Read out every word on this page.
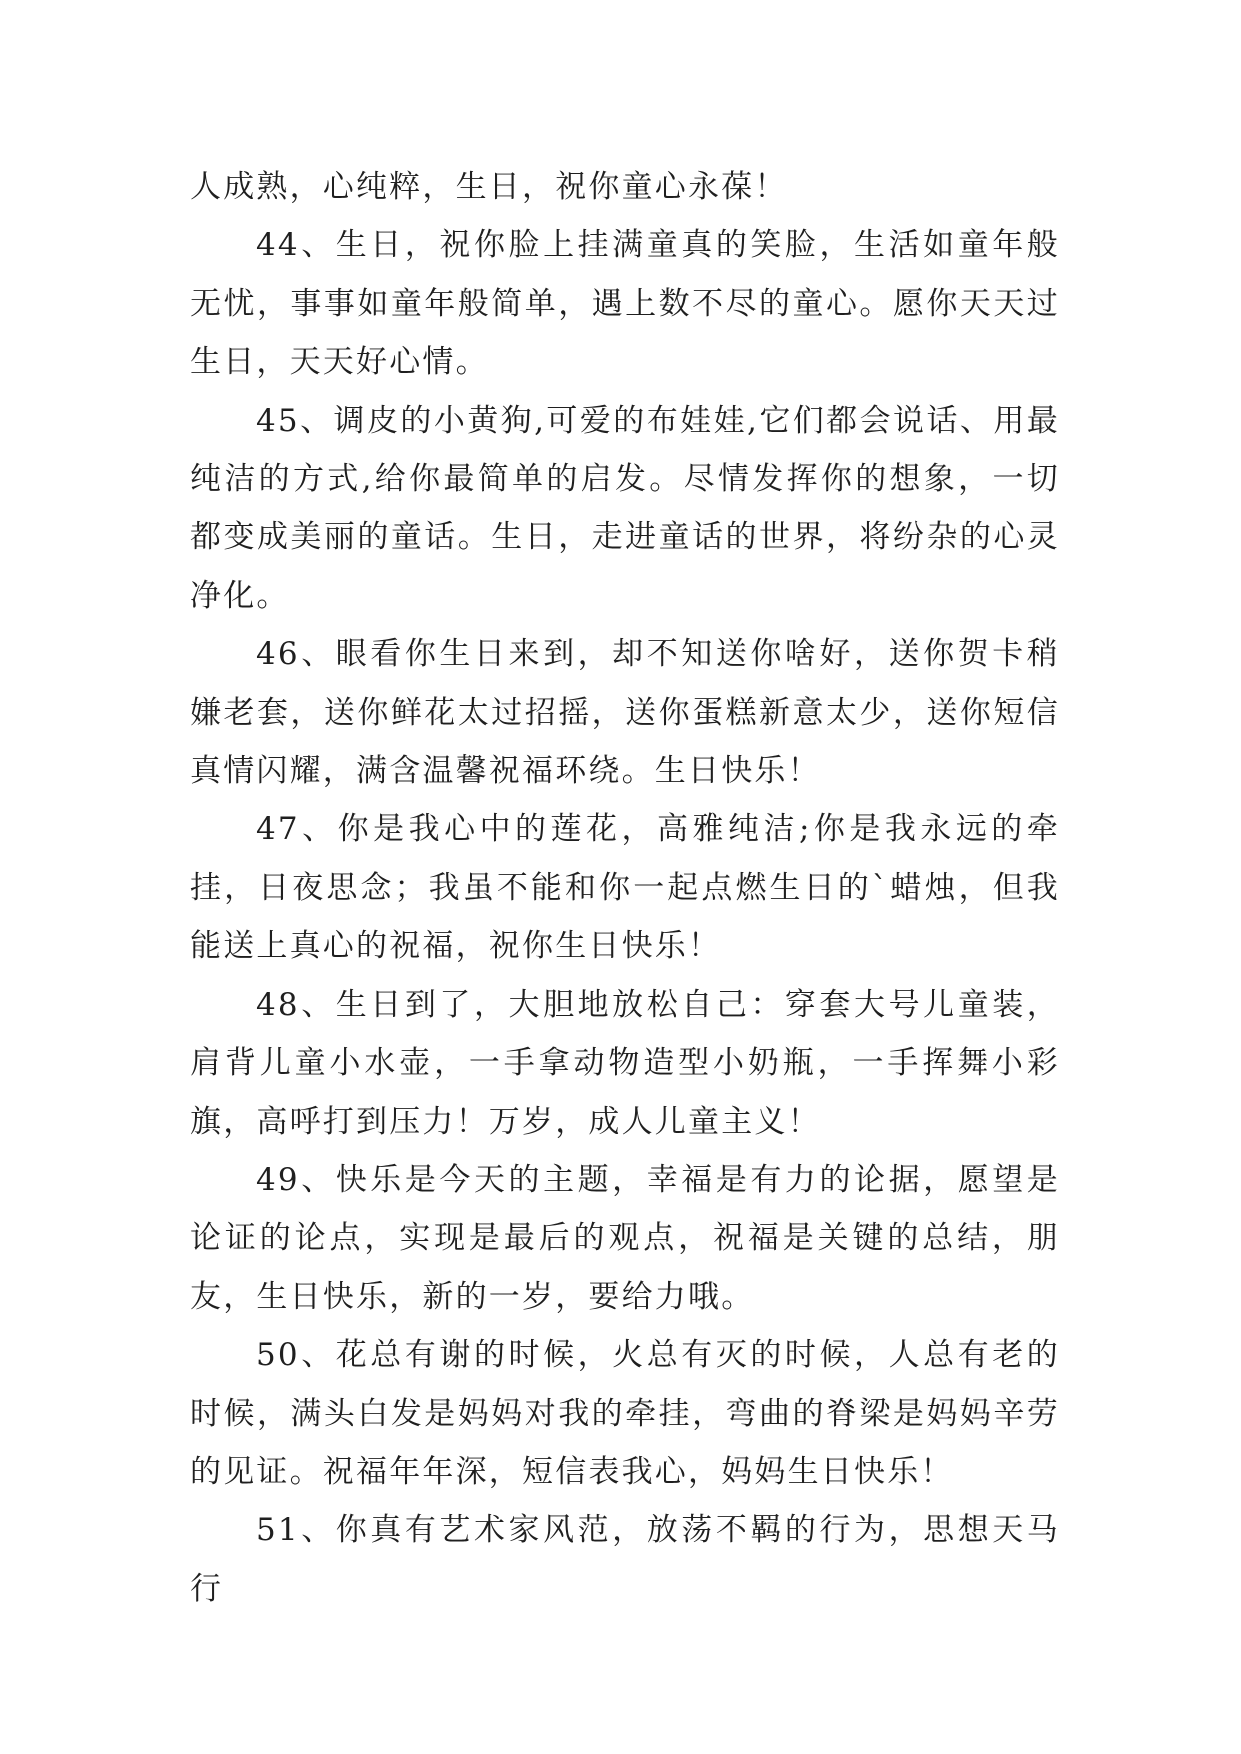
人成熟，心纯粹，生日，祝你童心永葆！

44、生日，祝你脸上挂满童真的笑脸，生活如童年般无忧，事事如童年般简单，遇上数不尽的童心。愿你天天过生日，天天好心情。

45、调皮的小黄狗,可爱的布娃娃,它们都会说话、用最纯洁的方式,给你最简单的启发。尽情发挥你的想象，一切都变成美丽的童话。生日，走进童话的世界，将纷杂的心灵净化。

46、眼看你生日来到，却不知送你啥好，送你贺卡稍嫌老套，送你鲜花太过招摇，送你蛋糕新意太少，送你短信真情闪耀，满含温馨祝福环绕。生日快乐！

47、你是我心中的莲花，高雅纯洁;你是我永远的牵挂，日夜思念；我虽不能和你一起点燃生日的`蜡烛，但我能送上真心的祝福，祝你生日快乐！

48、生日到了，大胆地放松自己：穿套大号儿童装，肩背儿童小水壶，一手拿动物造型小奶瓶，一手挥舞小彩旗，高呼打到压力！万岁，成人儿童主义！

49、快乐是今天的主题，幸福是有力的论据，愿望是论证的论点，实现是最后的观点，祝福是关键的总结，朋友，生日快乐，新的一岁，要给力哦。

50、花总有谢的时候，火总有灭的时候，人总有老的时候，满头白发是妈妈对我的牵挂，弯曲的脊梁是妈妈辛劳的见证。祝福年年深，短信表我心，妈妈生日快乐！

51、你真有艺术家风范，放荡不羁的行为，思想天马行
